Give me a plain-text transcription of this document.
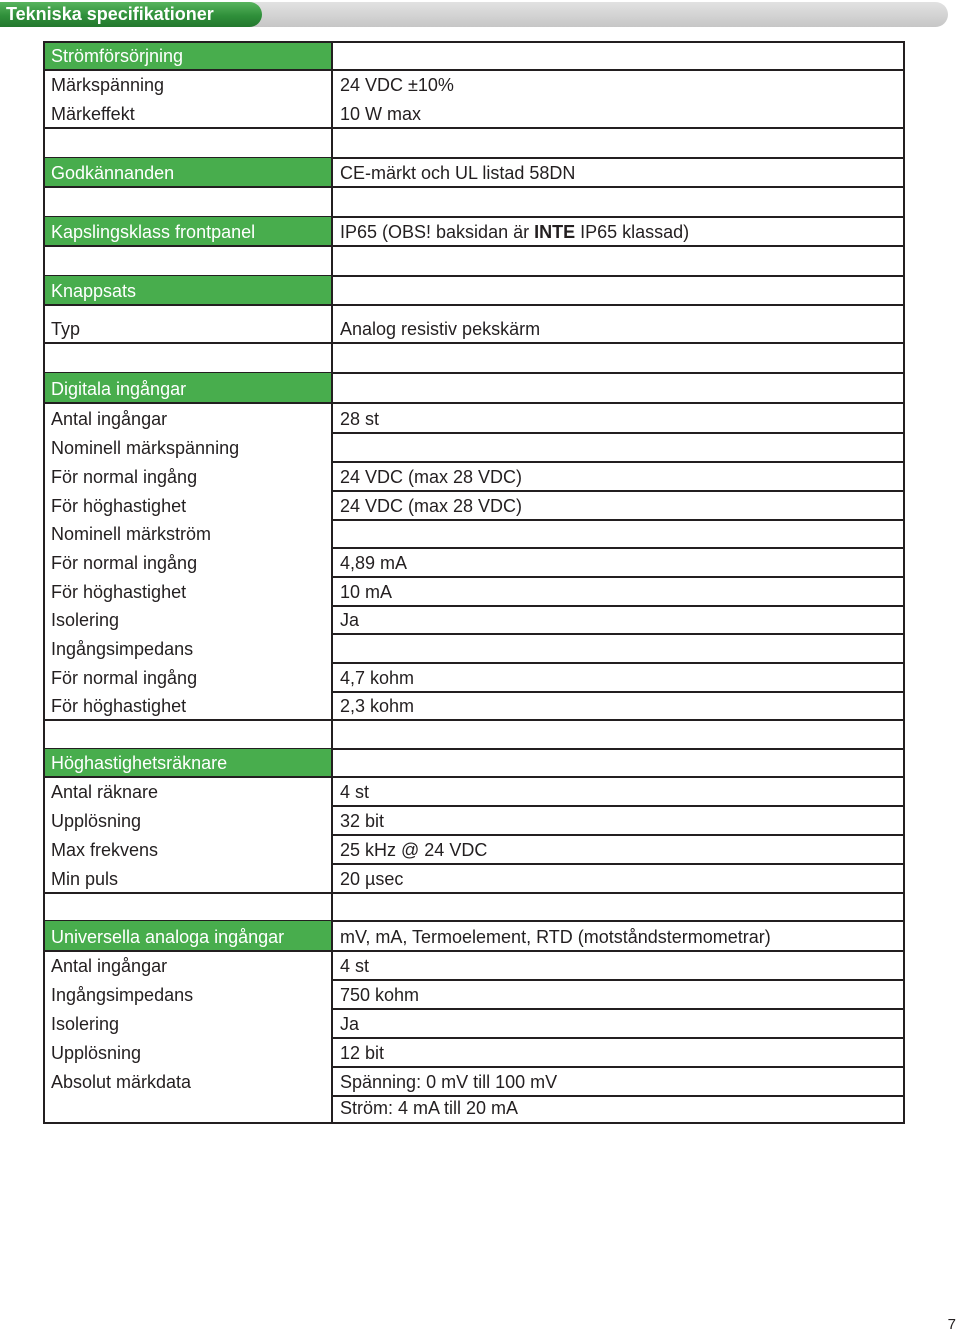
Tekniska specifikationer
Strömförsörjning
Märkspänning	24 VDC ±10%
Märkeffekt	10 W max
Godkännanden	CE-märkt och UL listad 58DN
Kapslingsklass frontpanel	IP65 (OBS! baksidan är INTE IP65 klassad)
Knappsats
Typ	Analog resistiv pekskärm
Digitala ingångar
Antal ingångar	28 st
Nominell märkspänning
För normal ingång	24 VDC (max 28 VDC)
För höghastighet	24 VDC (max 28 VDC)
Nominell märkström
För normal ingång	4,89 mA
För höghastighet	10 mA
Isolering	Ja
Ingångsimpedans
För normal ingång	4,7 kohm
För höghastighet	2,3 kohm
Höghastighetsräknare
Antal räknare	4 st
Upplösning	32 bit
Max frekvens	25 kHz @ 24 VDC
Min puls	20 µsec
Universella analoga ingångar	mV, mA, Termoelement, RTD (motståndstermometrar)
Antal ingångar	4 st
Ingångsimpedans	750 kohm
Isolering	Ja
Upplösning	12 bit
Absolut märkdata	Spänning: 0 mV till 100 mV
Ström: 4 mA till 20 mA
7
